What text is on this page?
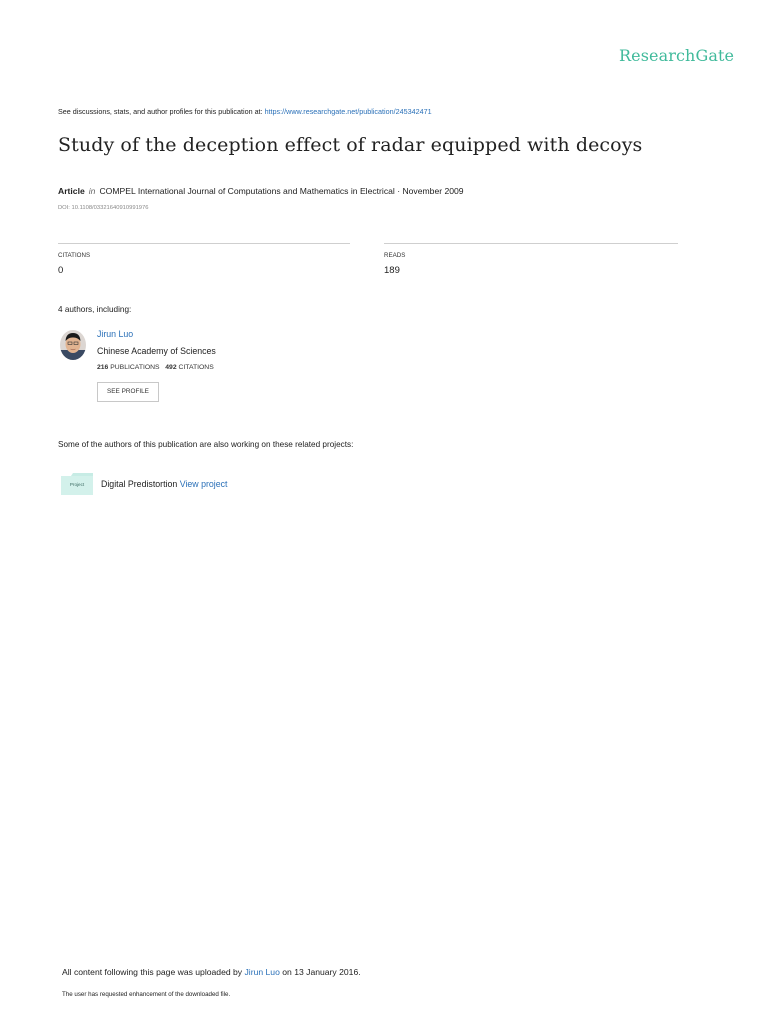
ResearchGate
See discussions, stats, and author profiles for this publication at: https://www.researchgate.net/publication/245342471
Study of the deception effect of radar equipped with decoys
Article in COMPEL International Journal of Computations and Mathematics in Electrical · November 2009
DOI: 10.1108/03321640910991976
CITATIONS
0
READS
189
4 authors, including:
Jirun Luo
Chinese Academy of Sciences
216 PUBLICATIONS 492 CITATIONS
SEE PROFILE
Some of the authors of this publication are also working on these related projects:
Project	Digital Predistortion View project
All content following this page was uploaded by Jirun Luo on 13 January 2016.
The user has requested enhancement of the downloaded file.
